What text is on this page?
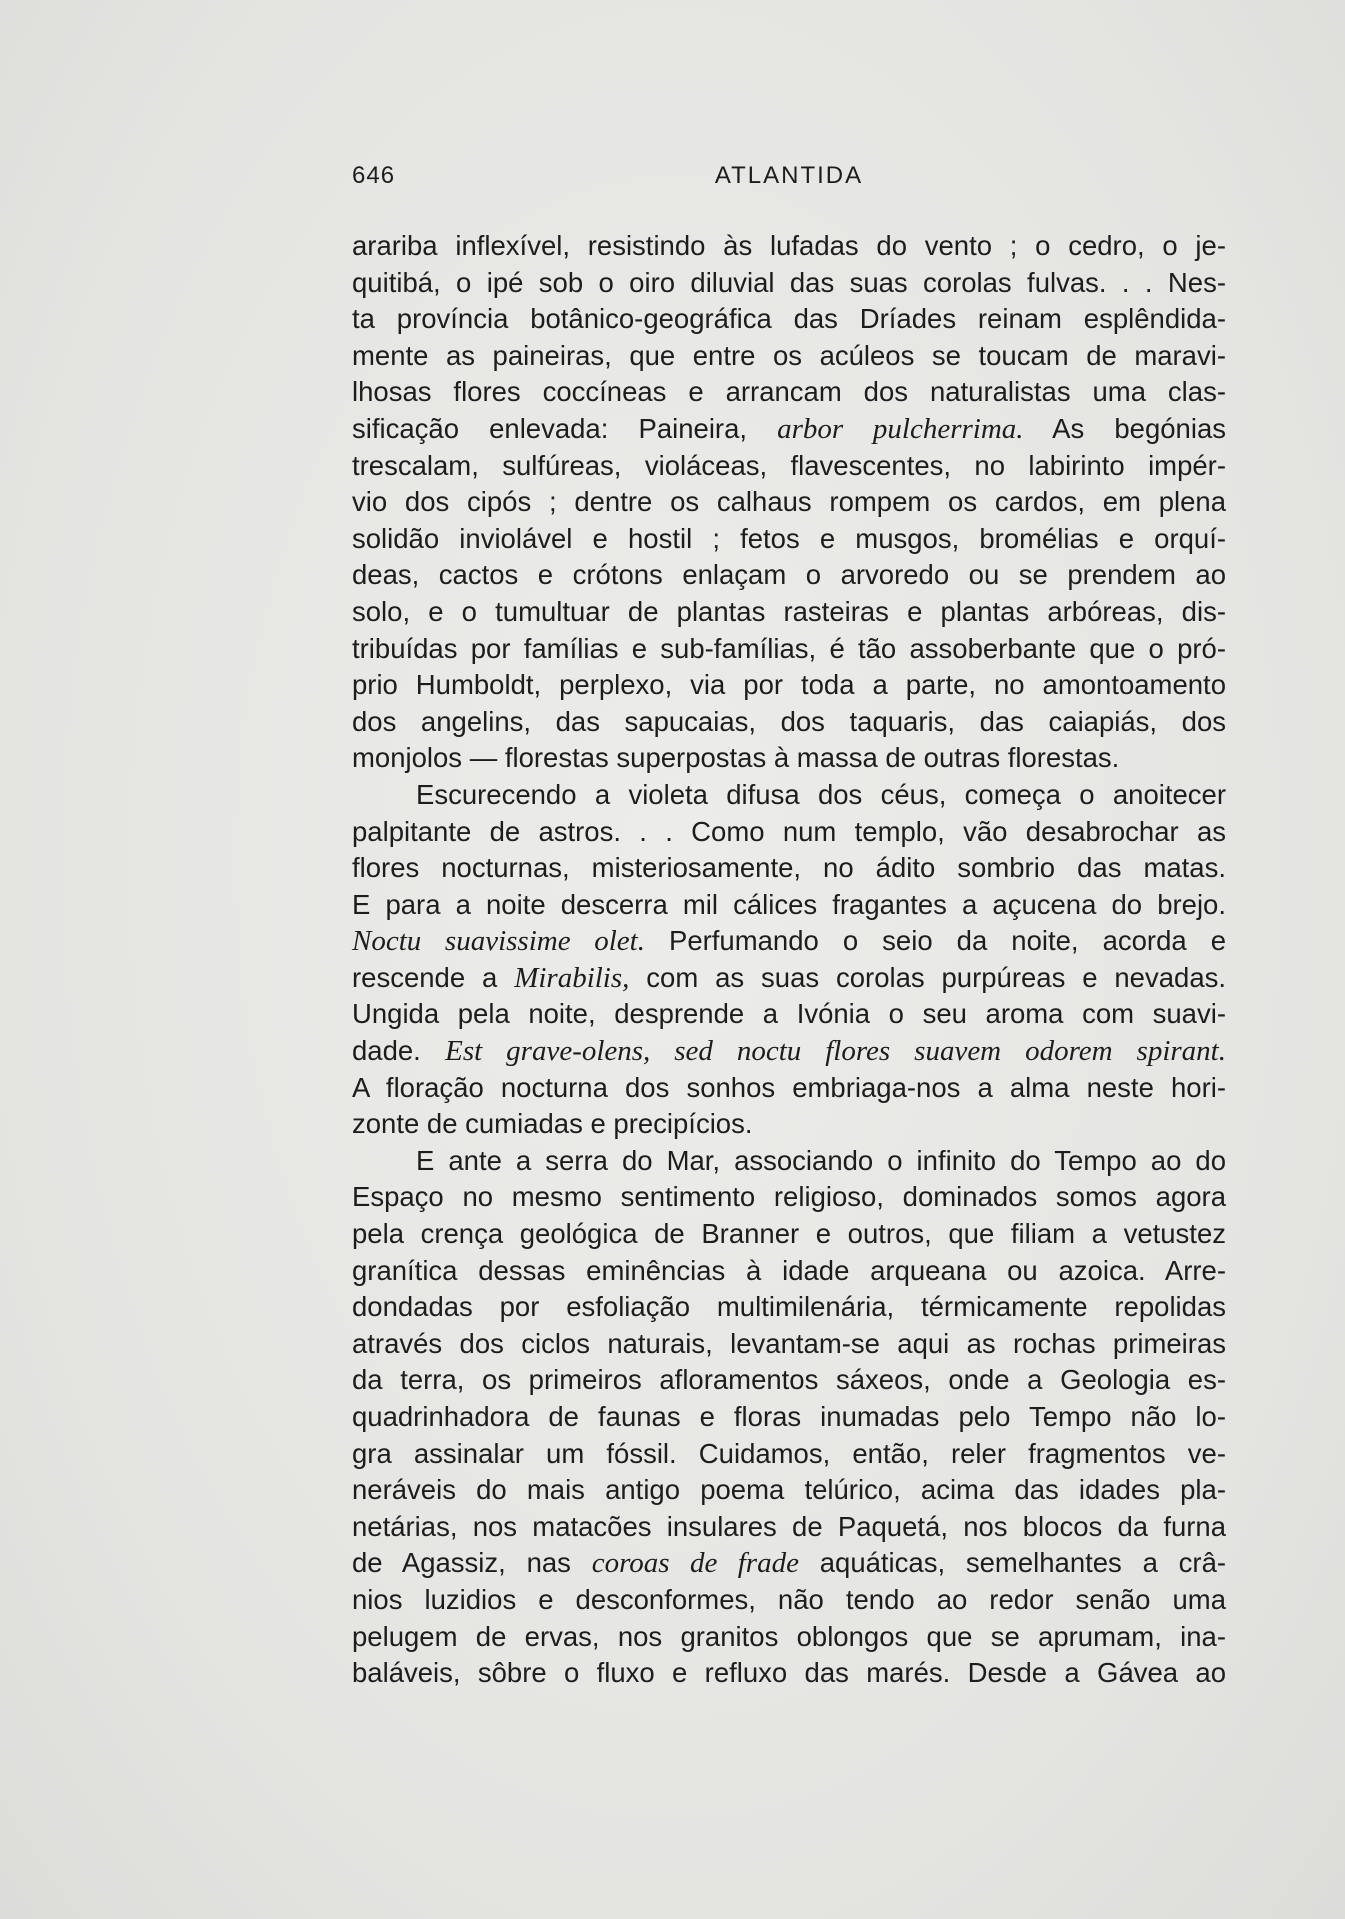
646	ATLANTIDA
arariba inflexível, resistindo às lufadas do vento ; o cedro, o je-
quitibá, o ipé sob o oiro diluvial das suas corolas fulvas. . . Nes-
ta província botânico-geográfica das Dríades reinam esplêndida-
mente as paineiras, que entre os acúleos se toucam de maravi-
lhosas flores coccíneas e arrancam dos naturalistas uma clas-
sificação enlevada: Paineira, arbor pulcherrima. As begónias
trescalam, sulfúreas, violáceas, flavescentes, no labirinto impér-
vio dos cipós ; dentre os calhaus rompem os cardos, em plena
solidão inviolável e hostil ; fetos e musgos, bromélias e orquí-
deas, cactos e crótons enlaçam o arvoredo ou se prendem ao
solo, e o tumultuar de plantas rasteiras e plantas arbóreas, dis-
tribuídas por famílias e sub-famílias, é tão assoberbante que o pró-
prio Humboldt, perplexo, via por toda a parte, no amontoamento
dos angelins, das sapucaias, dos taquaris, das caiapiás, dos
monjolos — florestas superpostas à massa de outras florestas.
Escurecendo a violeta difusa dos céus, começa o anoitecer
palpitante de astros. . . Como num templo, vão desabrochar as
flores nocturnas, misteriosamente, no ádito sombrio das matas.
E para a noite descerra mil cálices fragantes a açucena do brejo.
Noctu suavissime olet. Perfumando o seio da noite, acorda e
rescende a Mirabilis, com as suas corolas purpúreas e nevadas.
Ungida pela noite, desprende a Ivónia o seu aroma com suavi-
dade. Est grave-olens, sed noctu flores suavem odorem spirant.
A floração nocturna dos sonhos embriaga-nos a alma neste hori-
zonte de cumiadas e precipícios.
E ante a serra do Mar, associando o infinito do Tempo ao do
Espaço no mesmo sentimento religioso, dominados somos agora
pela crença geológica de Branner e outros, que filiam a vetustez
granítica dessas eminências à idade arqueana ou azoica. Arre-
dondadas por esfoliação multimilenária, térmicamente repolidas
através dos ciclos naturais, levantam-se aqui as rochas primeiras
da terra, os primeiros afloramentos sáxeos, onde a Geologia es-
quadrinhadora de faunas e floras inumadas pelo Tempo não lo-
gra assinalar um fóssil. Cuidamos, então, reler fragmentos ve-
neráveis do mais antigo poema telúrico, acima das idades pla-
netárias, nos matacões insulares de Paquetá, nos blocos da furna
de Agassiz, nas coroas de frade aquáticas, semelhantes a crâ-
nios luzidios e desconformes, não tendo ao redor senão uma
pelugem de ervas, nos granitos oblongos que se aprumam, ina-
baláveis, sôbre o fluxo e refluxo das marés. Desde a Gávea ao
